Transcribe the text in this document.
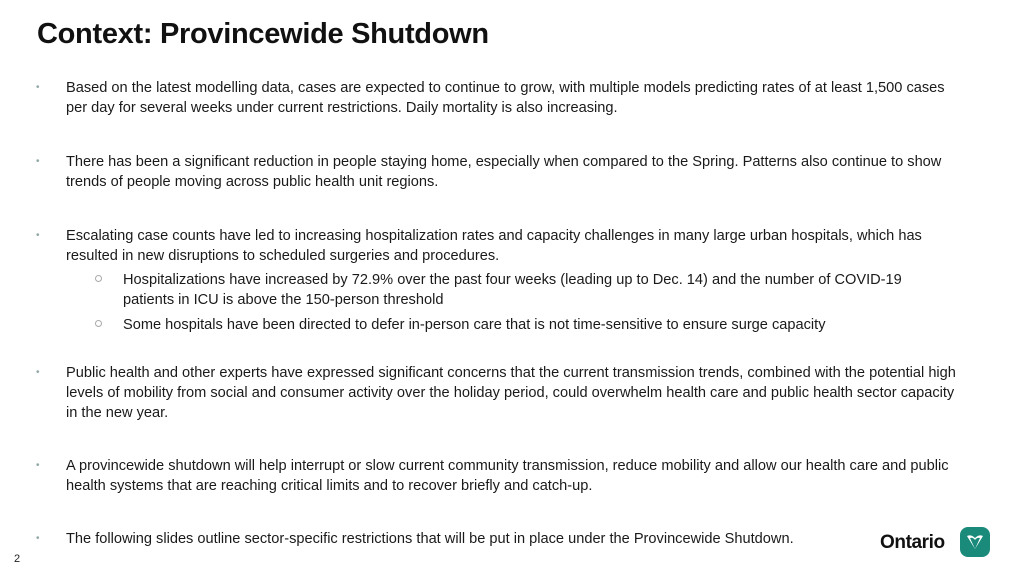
Context: Provincewide Shutdown
•	Based on the latest modelling data, cases are expected to continue to grow, with multiple models predicting rates of at least 1,500 cases per day for several weeks under current restrictions. Daily mortality is also increasing.
•	There has been a significant reduction in people staying home, especially when compared to the Spring. Patterns also continue to show trends of people moving across public health unit regions.
•	Escalating case counts have led to increasing hospitalization rates and capacity challenges in many large urban hospitals, which has resulted in new disruptions to scheduled surgeries and procedures.
Hospitalizations have increased by 72.9% over the past four weeks (leading up to Dec. 14) and the number of COVID-19 patients in ICU is above the 150-person threshold
Some hospitals have been directed to defer in-person care that is not time-sensitive to ensure surge capacity
•	Public health and other experts have expressed significant concerns that the current transmission trends, combined with the potential high levels of mobility from social and consumer activity over the holiday period, could overwhelm health care and public health sector capacity in the new year.
•	A provincewide shutdown will help interrupt or slow current community transmission, reduce mobility and allow our health care and public health systems that are reaching critical limits and to recover briefly and catch-up.
•	The following slides outline sector-specific restrictions that will be put in place under the Provincewide Shutdown.
2
Ontario
